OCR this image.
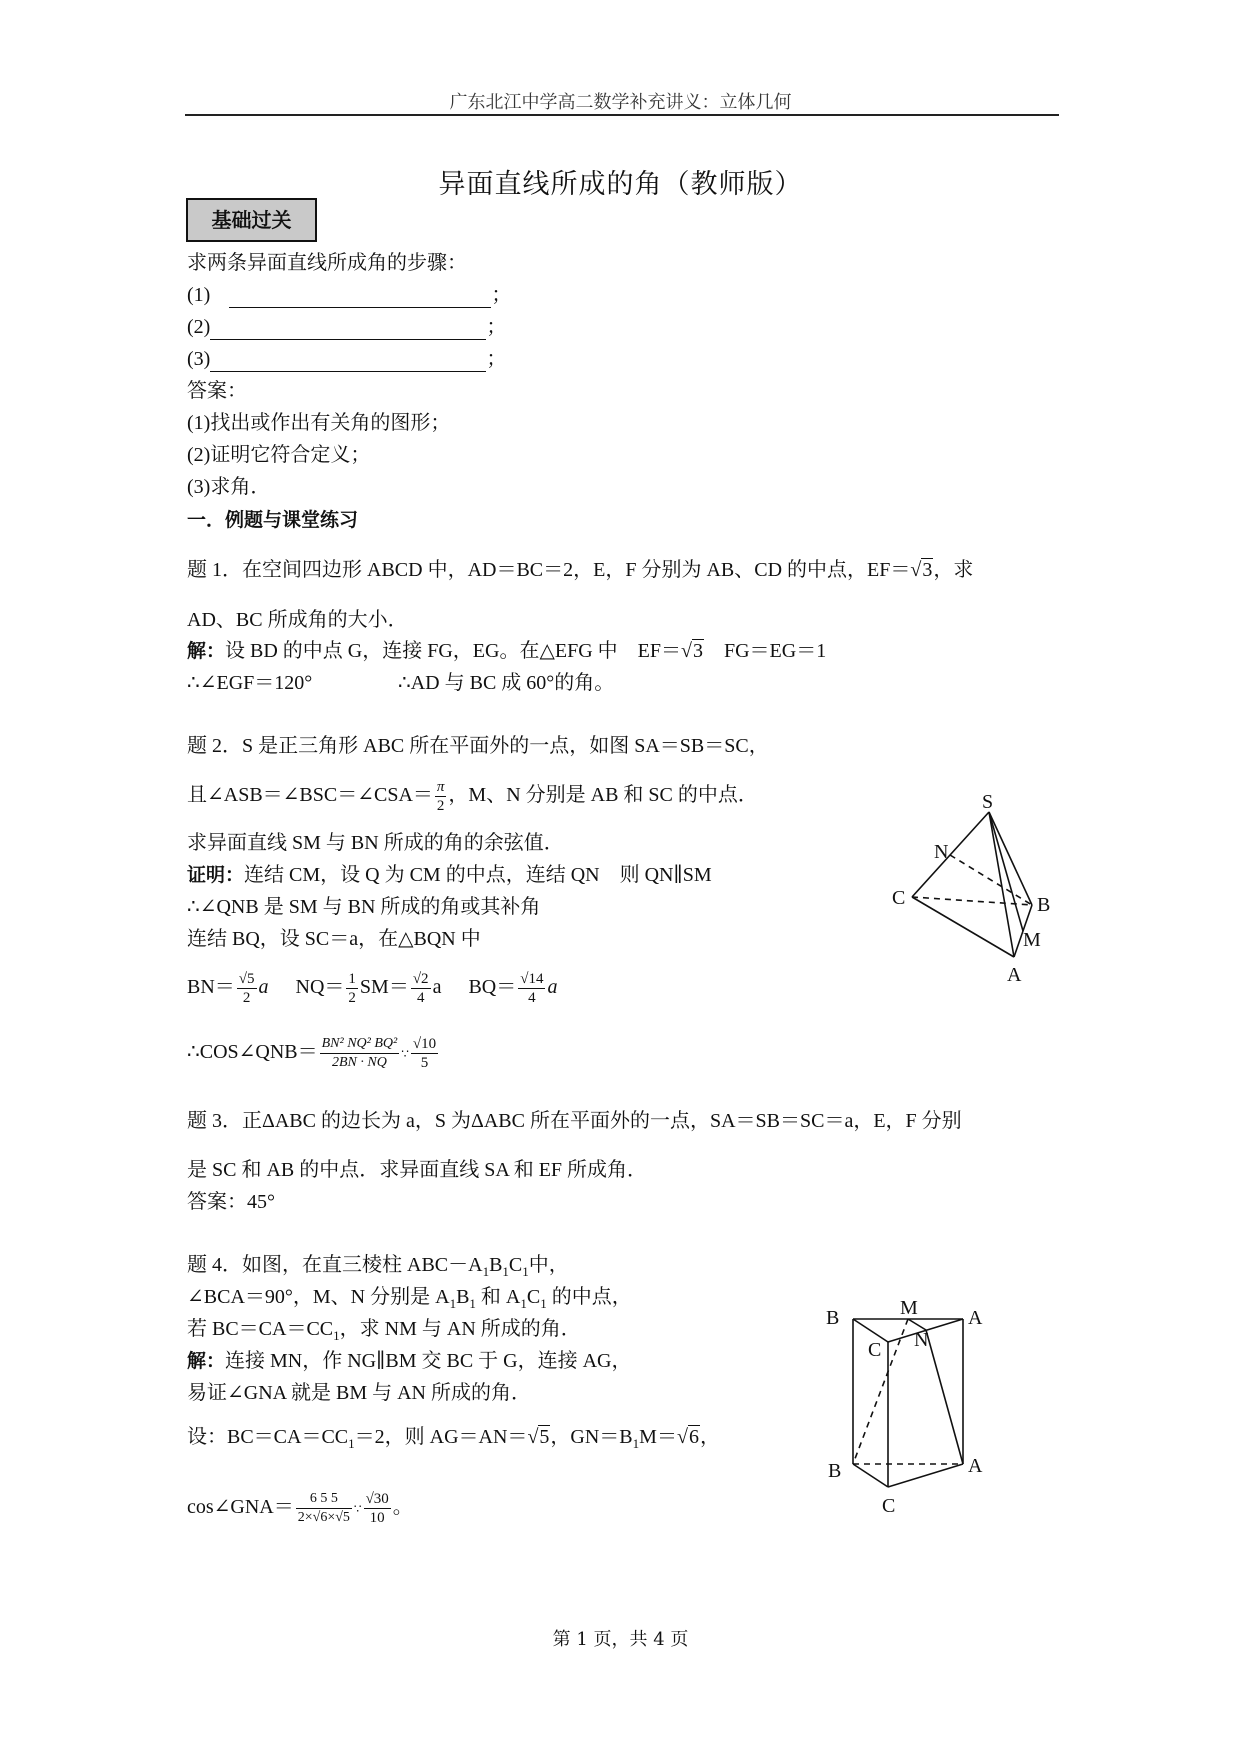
广东北江中学高二数学补充讲义：立体几何
异面直线所成的角（教师版）
基础过关
求两条异面直线所成角的步骤：
(1)	；
(2)	；
(3)	；
答案：
(1)找出或作出有关角的图形；
(2)证明它符合定义；
(3)求角．
一．例题与课堂练习
题 1．在空间四边形 ABCD 中，AD＝BC＝2，E，F 分别为 AB、CD 的中点，EF＝√3，求
AD、BC 所成角的大小．
解：设 BD 的中点 G，连接 FG，EG。在△EFG 中　EF＝√3　FG＝EG＝1
∴∠EGF＝120°	∴AD 与 BC 成 60°的角。
题 2．S 是正三角形 ABC 所在平面外的一点，如图 SA＝SB＝SC，
且∠ASB＝∠BSC＝∠CSA＝ $\frac{\pi}{2}$ ，M、N 分别是 AB 和 SC 的中点．
求异面直线 SM 与 BN 所成的角的余弦值．
证明：连结 CM，设 Q 为 CM 的中点，连结 QN　则 QN∥SM
∴∠QNB 是 SM 与 BN 所成的角或其补角
连结 BQ，设 SC＝a，在△BQN 中
$BN= \frac{√5}{2}$ a $NQ= \frac{1}{2} SM= \frac{√2}{4}$ a $BQ= \frac{√14}{4}$ a
∴COS∠QNB＝ $\frac{\text{BN² NQ² BQ²}}{2BN \cdot NQ}$ ∵ $\frac{√10}{5}$
S
N
C	B
M
A
题 3．正ΔABC 的边长为 a，S 为ΔABC 所在平面外的一点，SA＝SB＝SC＝a，E，F 分别
是 SC 和 AB 的中点．求异面直线 SA 和 EF 所成角．
答案：45°
题 4．如图，在直三棱柱 $ABC-A_1B_1C_1$中，
∠BCA＝90°，M、N 分别是 $A_1B_1$ 和 $A_1C_1$ 的中点，
若 $BC=CA=CC_1$，求 NM 与 AN 所成的角．
解：连接 MN，作 NG∥BM 交 BC 于 G，连接 AG，
易证∠GNA 就是 BM 与 AN 所成的角．
设：$BC=CA=CC_1=2$，则 AG＝AN＝√5，$GN=B_1M=√6$，
cos∠GNA＝ $\frac{6 5 5}{2\times√6\times√5}$ ∵ $\frac{√30}{10}$ 。
B	M	A
C N
B	A
C
第 1 页，共 4 页
